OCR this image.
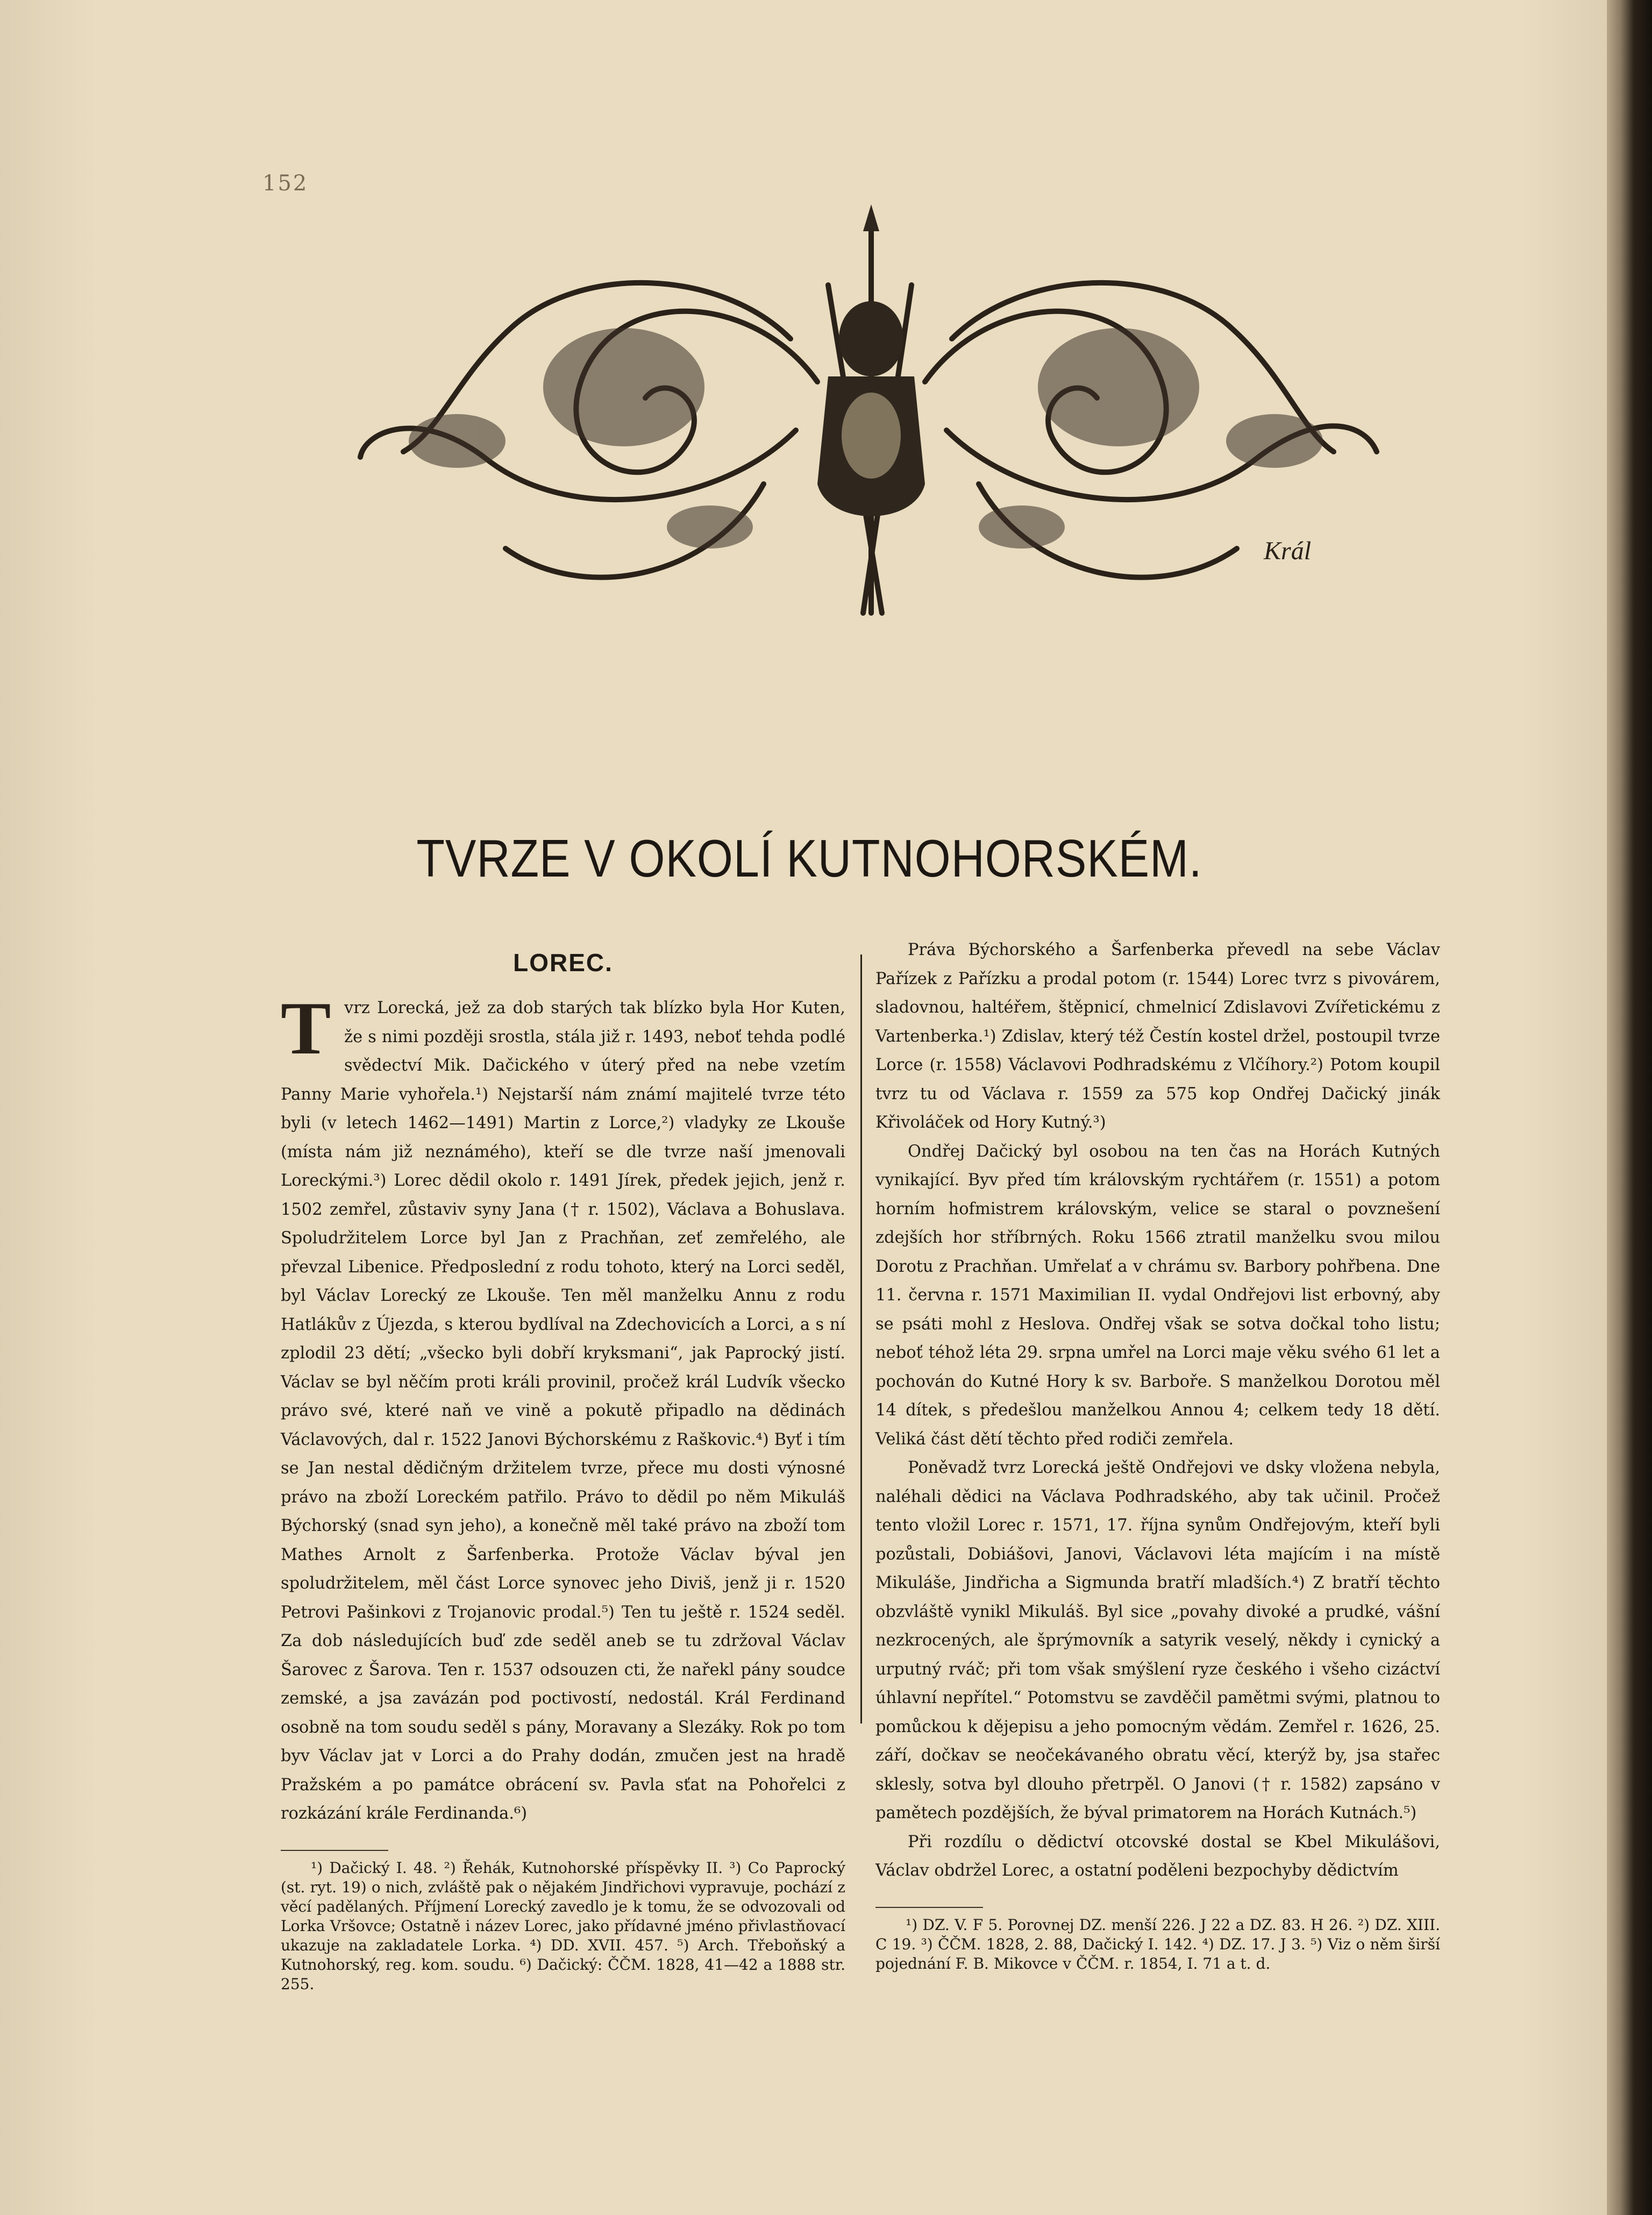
152
Král
TVRZE V OKOLÍ KUTNOHORSKÉM.
LOREC.
T vrz Lorecká, jež za dob starých tak blízko byla Hor Kuten, že s nimi později srostla, stála již r. 1493, neboť tehda podlé svědectví Mik. Dačického v úterý před na nebe vzetím Panny Marie vyhořela.¹) Nejstarší nám známí majitelé tvrze této byli (v letech 1462—1491) Martin z Lorce,²) vladyky ze Lkouše (místa nám již neznámého), kteří se dle tvrze naší jmenovali Loreckými.³) Lorec dědil okolo r. 1491 Jírek, předek jejich, jenž r. 1502 zemřel, zůstaviv syny Jana († r. 1502), Václava a Bohuslava. Spoludržitelem Lorce byl Jan z Prachňan, zeť zemřelého, ale převzal Libenice. Předposlední z rodu tohoto, který na Lorci seděl, byl Václav Lorecký ze Lkouše. Ten měl manželku Annu z rodu Hatlákův z Újezda, s kterou bydlíval na Zdechovicích a Lorci, a s ní zplodil 23 dětí; „všecko byli dobří kryksmani“, jak Paprocký jistí. Václav se byl něčím proti králi provinil, pročež král Ludvík všecko právo své, které naň ve vině a pokutě připadlo na dědinách Václavových, dal r. 1522 Janovi Býchorskému z Raškovic.⁴) Byť i tím se Jan nestal dědičným držitelem tvrze, přece mu dosti výnosné právo na zboží Loreckém patřilo. Právo to dědil po něm Mikuláš Býchorský (snad syn jeho), a konečně měl také právo na zboží tom Mathes Arnolt z Šarfenberka. Protože Václav býval jen spoludržitelem, měl část Lorce synovec jeho Diviš, jenž ji r. 1520 Petrovi Pašinkovi z Trojanovic prodal.⁵) Ten tu ještě r. 1524 seděl. Za dob následujících buď zde seděl aneb se tu zdržoval Václav Šarovec z Šarova. Ten r. 1537 odsouzen cti, že nařekl pány soudce zemské, a jsa zavázán pod poctivostí, nedostál. Král Ferdinand osobně na tom soudu seděl s pány, Moravany a Slezáky. Rok po tom byv Václav jat v Lorci a do Prahy dodán, zmučen jest na hradě Pražském a po památce obrácení sv. Pavla sťat na Pohořelci z rozkázání krále Ferdinanda.⁶)

¹) Dačický I. 48. ²) Řehák, Kutnohorské příspěvky II. ³) Co Paprocký (st. ryt. 19) o nich, zvláště pak o nějakém Jindřichovi vypravuje, pochází z věcí padělaných. Příjmení Lorecký zavedlo je k tomu, že se odvozovali od Lorka Vršovce; Ostatně i název Lorec, jako přídavné jméno přivlastňovací ukazuje na zakladatele Lorka. ⁴) DD. XVII. 457. ⁵) Arch. Třeboňský a Kutnohorský, reg. kom. soudu. ⁶) Dačický: ČČM. 1828, 41—42 a 1888 str. 255.

Práva Býchorského a Šarfenberka převedl na sebe Václav Pařízek z Pařízku a prodal potom (r. 1544) Lorec tvrz s pivovárem, sladovnou, haltéřem, štěpnicí, chmelnicí Zdislavovi Zvířetickému z Vartenberka.¹) Zdislav, který též Čestín kostel držel, postoupil tvrze Lorce (r. 1558) Václavovi Podhradskému z Vlčíhory.²) Potom koupil tvrz tu od Václava r. 1559 za 575 kop Ondřej Dačický jinák Křivoláček od Hory Kutný.³)

Ondřej Dačický byl osobou na ten čas na Horách Kutných vynikající. Byv před tím královským rychtářem (r. 1551) a potom horním hofmistrem královským, velice se staral o povznešení zdejších hor stříbrných. Roku 1566 ztratil manželku svou milou Dorotu z Prachňan. Umřelať a v chrámu sv. Barbory pohřbena. Dne 11. června r. 1571 Maximilian II. vydal Ondřejovi list erbovný, aby se psáti mohl z Heslova. Ondřej však se sotva dočkal toho listu; neboť téhož léta 29. srpna umřel na Lorci maje věku svého 61 let a pochován do Kutné Hory k sv. Barboře. S manželkou Dorotou měl 14 dítek, s předešlou manželkou Annou 4; celkem tedy 18 dětí. Veliká část dětí těchto před rodiči zemřela.

Poněvadž tvrz Lorecká ještě Ondřejovi ve dsky vložena nebyla, naléhali dědici na Václava Podhradského, aby tak učinil. Pročež tento vložil Lorec r. 1571, 17. října synům Ondřejovým, kteří byli pozůstali, Dobiášovi, Janovi, Václavovi léta majícím i na místě Mikuláše, Jindřicha a Sigmunda bratří mladších.⁴) Z bratří těchto obzvláště vynikl Mikuláš. Byl sice „povahy divoké a prudké, vášní nezkrocených, ale šprýmovník a satyrik veselý, někdy i cynický a urputný rváč; při tom však smýšlení ryze českého i všeho cizáctví úhlavní nepřítel.“ Potomstvu se zavděčil pamětmi svými, platnou to pomůckou k dějepisu a jeho pomocným vědám. Zemřel r. 1626, 25. září, dočkav se neočekávaného obratu věcí, kterýž by, jsa stařec sklesly, sotva byl dlouho přetrpěl. O Janovi († r. 1582) zapsáno v pamětech pozdějších, že býval primatorem na Horách Kutnách.⁵)

Při rozdílu o dědictví otcovské dostal se Kbel Mikulášovi, Václav obdržel Lorec, a ostatní poděleni bezpochyby dědictvím

¹) DZ. V. F 5. Porovnej DZ. menší 226. J 22 a DZ. 83. H 26. ²) DZ. XIII. C 19. ³) ČČM. 1828, 2. 88, Dačický I. 142. ⁴) DZ. 17. J 3. ⁵) Viz o něm širší pojednání F. B. Mikovce v ČČM. r. 1854, I. 71 a t. d.
